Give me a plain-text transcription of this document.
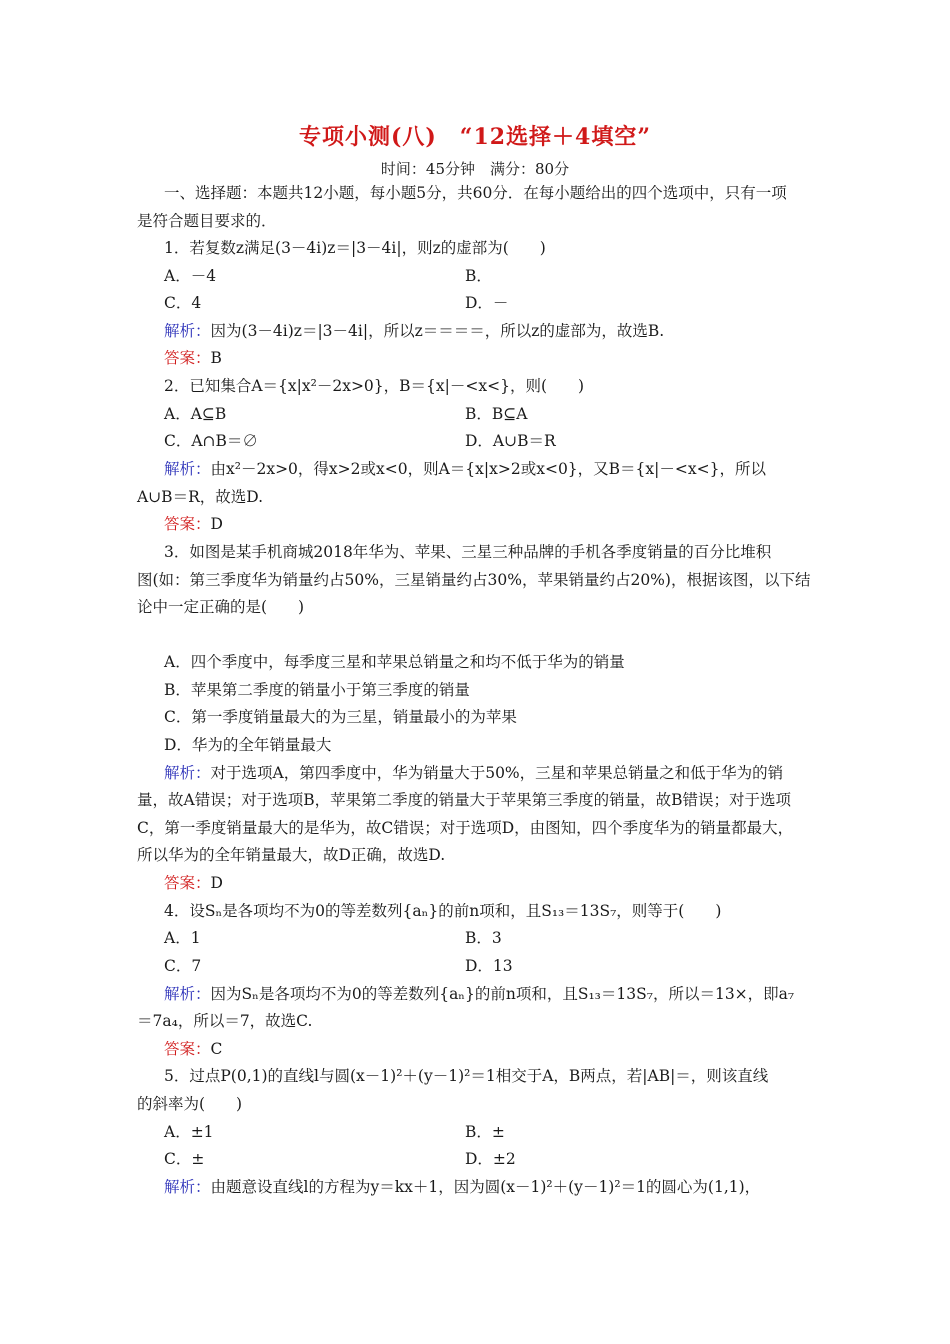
专项小测(八)　“12选择＋4填空”
时间：45分钟　满分：80分
一、选择题：本题共12小题，每小题5分，共60分．在每小题给出的四个选项中，只有一项
是符合题目要求的．
1．若复数z满足(3－4i)z＝|3－4i|，则z的虚部为(　　)
A．－4	B．
C．4	D．－
解析：因为(3－4i)z＝|3－4i|，所以z＝＝＝＝，所以z的虚部为，故选B.
答案：B
2．已知集合A＝{x|x²－2x>0}，B＝{x|－<x<}，则(　　)
A．A⊆B	B．B⊆A
C．A∩B＝∅	D．A∪B＝R
解析：由x²－2x>0，得x>2或x<0，则A＝{x|x>2或x<0}，又B＝{x|－<x<}，所以
A∪B＝R，故选D.
答案：D
3．如图是某手机商城2018年华为、苹果、三星三种品牌的手机各季度销量的百分比堆积
图(如：第三季度华为销量约占50%，三星销量约占30%，苹果销量约占20%)，根据该图，以下结
论中一定正确的是(　　)
A．四个季度中，每季度三星和苹果总销量之和均不低于华为的销量
B．苹果第二季度的销量小于第三季度的销量
C．第一季度销量最大的为三星，销量最小的为苹果
D．华为的全年销量最大
解析：对于选项A，第四季度中，华为销量大于50%，三星和苹果总销量之和低于华为的销
量，故A错误；对于选项B，苹果第二季度的销量大于苹果第三季度的销量，故B错误；对于选项
C，第一季度销量最大的是华为，故C错误；对于选项D，由图知，四个季度华为的销量都最大，
所以华为的全年销量最大，故D正确，故选D.
答案：D
4．设Sₙ是各项均不为0的等差数列{aₙ}的前n项和，且S₁₃＝13S₇，则等于(　　)
A．1	B．3
C．7	D．13
解析：因为Sₙ是各项均不为0的等差数列{aₙ}的前n项和，且S₁₃＝13S₇，所以＝13×，即a₇
＝7a₄，所以＝7，故选C.
答案：C
5．过点P(0,1)的直线l与圆(x－1)²＋(y－1)²＝1相交于A，B两点，若|AB|＝，则该直线
的斜率为(　　)
A．±1	B．±
C．±	D．±2
解析：由题意设直线l的方程为y＝kx＋1，因为圆(x－1)²＋(y－1)²＝1的圆心为(1,1)，
